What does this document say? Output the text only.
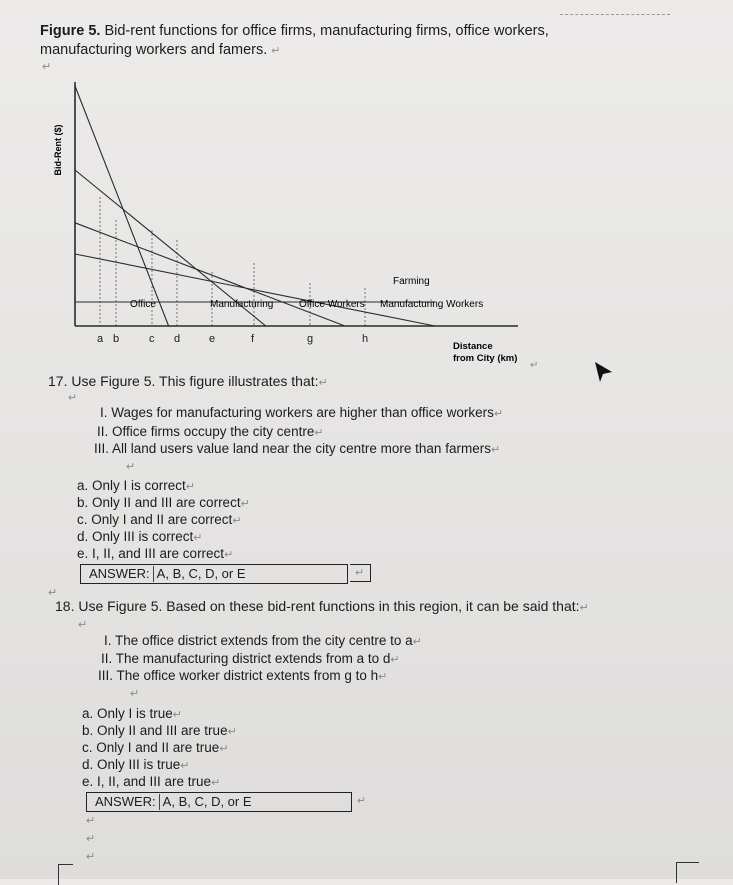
Figure 5. Bid-rent functions for office firms, manufacturing firms, office workers, manufacturing workers and famers. ↵
↵
a b	c d	e	f	g	h
Bid-Rent ($)
Farming
Office	Manufacturing	Office Workers Manufacturing Workers
Distance
from City (km)
↵
17. Use Figure 5. This figure illustrates that:↵
↵
I. Wages for manufacturing workers are higher than office workers↵
II. Office firms occupy the city centre↵
III. All land users value land near the city centre more than farmers↵
↵
a. Only I is correct↵
b. Only II and III are correct↵
c. Only I and II are correct↵
d. Only III is correct↵
e. I, II, and III are correct↵
ANSWER: A, B, C, D, or E	↵
↵
18. Use Figure 5. Based on these bid-rent functions in this region, it can be said that:↵
↵
I. The office district extends from the city centre to a↵
II. The manufacturing district extends from a to d↵
III. The office worker district extents from g to h↵
↵
a. Only I is true↵
b. Only II and III are true↵
c. Only I and II are true↵
d. Only III is true↵
e. I, II, and III are true↵
ANSWER: A, B, C, D, or E	↵
↵
↵
↵
